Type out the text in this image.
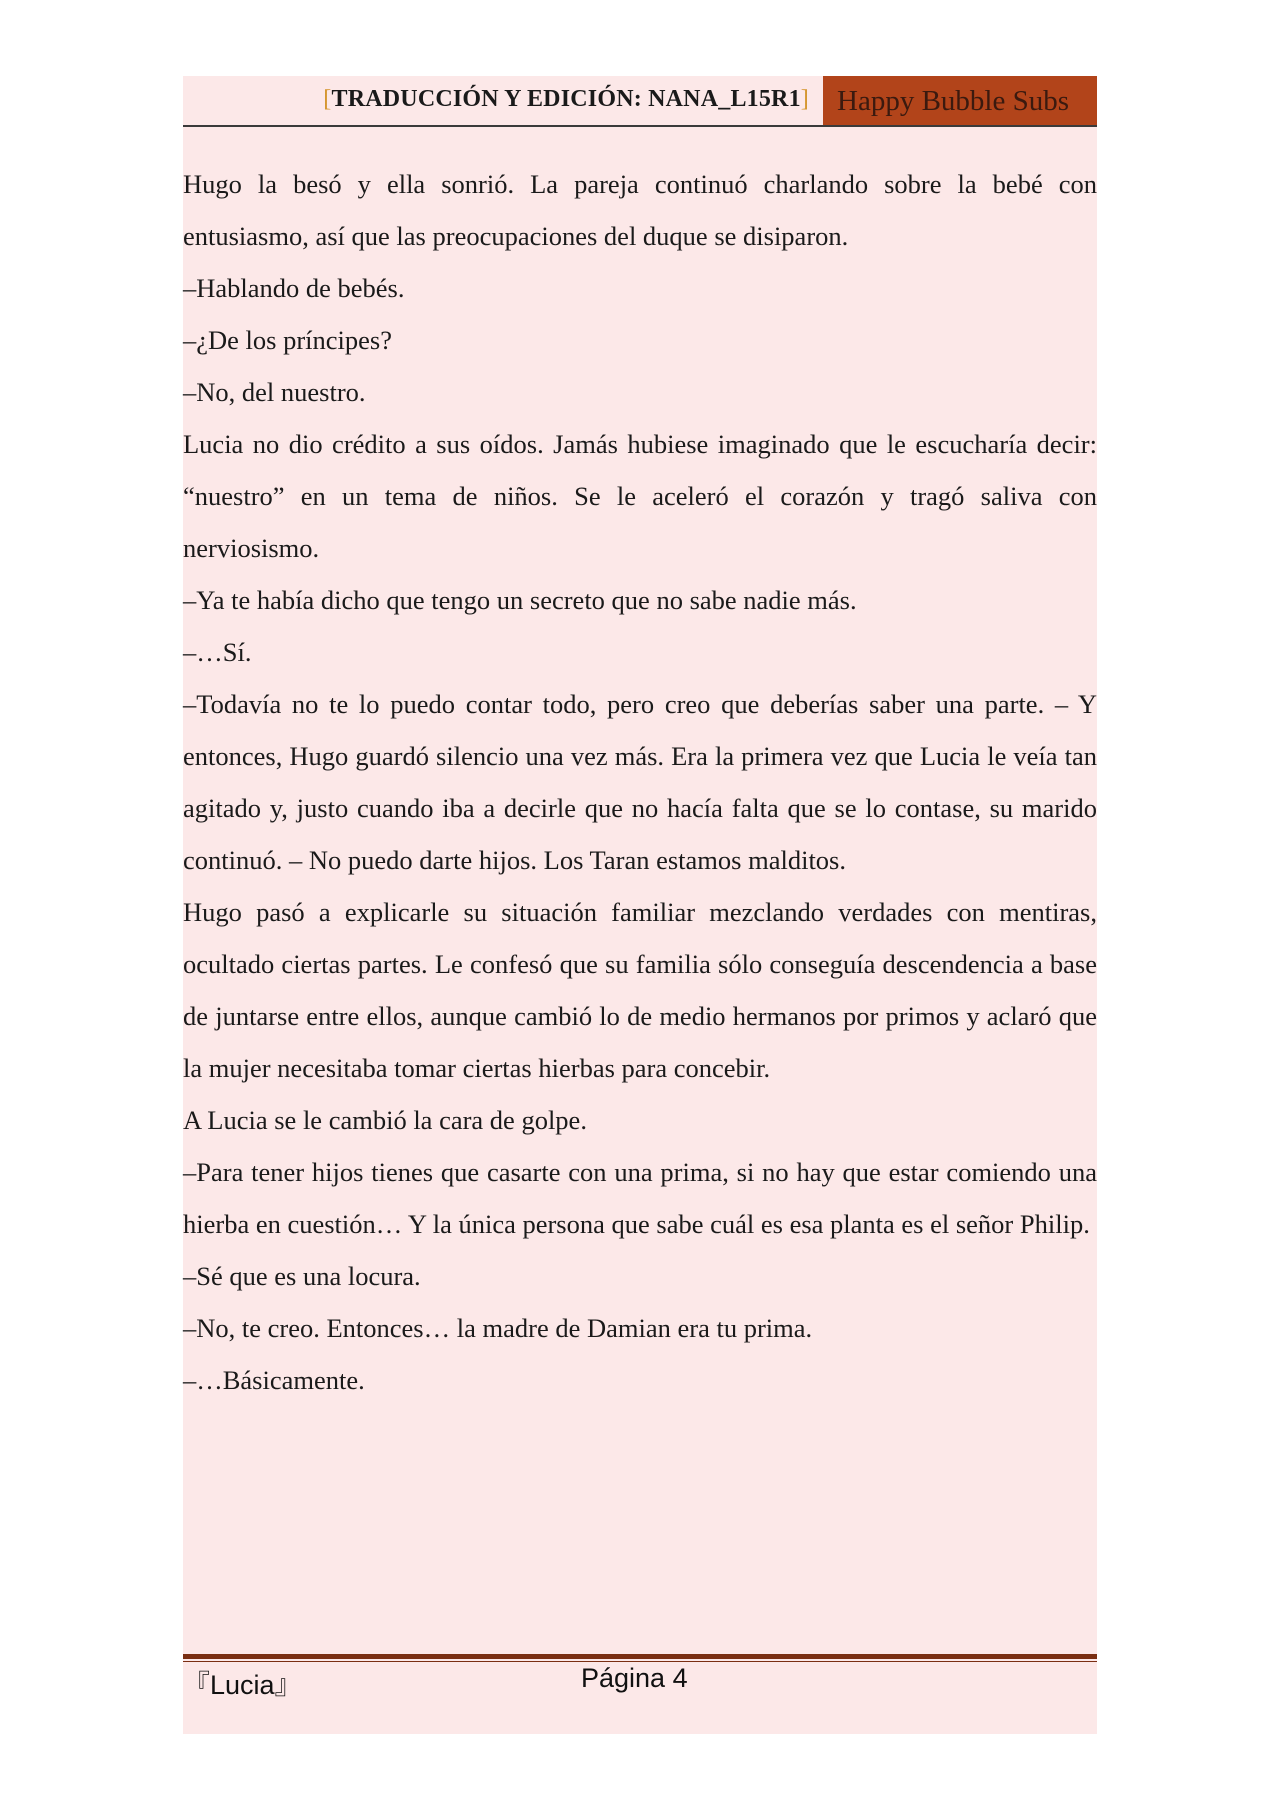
[TRADUCCIÓN Y EDICIÓN: NANA_L15R1] Happy Bubble Subs

Hugo la besó y ella sonrió. La pareja continuó charlando sobre la bebé con entusiasmo, así que las preocupaciones del duque se disiparon.

–Hablando de bebés.

–¿De los príncipes?

–No, del nuestro.

Lucia no dio crédito a sus oídos. Jamás hubiese imaginado que le escucharía decir: “nuestro” en un tema de niños. Se le aceleró el corazón y tragó saliva con nerviosismo.

–Ya te había dicho que tengo un secreto que no sabe nadie más.

–…Sí.

–Todavía no te lo puedo contar todo, pero creo que deberías saber una parte. – Y entonces, Hugo guardó silencio una vez más. Era la primera vez que Lucia le veía tan agitado y, justo cuando iba a decirle que no hacía falta que se lo contase, su marido continuó. – No puedo darte hijos. Los Taran estamos malditos.

Hugo pasó a explicarle su situación familiar mezclando verdades con mentiras, ocultado ciertas partes. Le confesó que su familia sólo conseguía descendencia a base de juntarse entre ellos, aunque cambió lo de medio hermanos por primos y aclaró que la mujer necesitaba tomar ciertas hierbas para concebir.

A Lucia se le cambió la cara de golpe.

–Para tener hijos tienes que casarte con una prima, si no hay que estar comiendo una hierba en cuestión… Y la única persona que sabe cuál es esa planta es el señor Philip.

–Sé que es una locura.

–No, te creo. Entonces… la madre de Damian era tu prima.

–…Básicamente.

『Lucia』	Página 4
